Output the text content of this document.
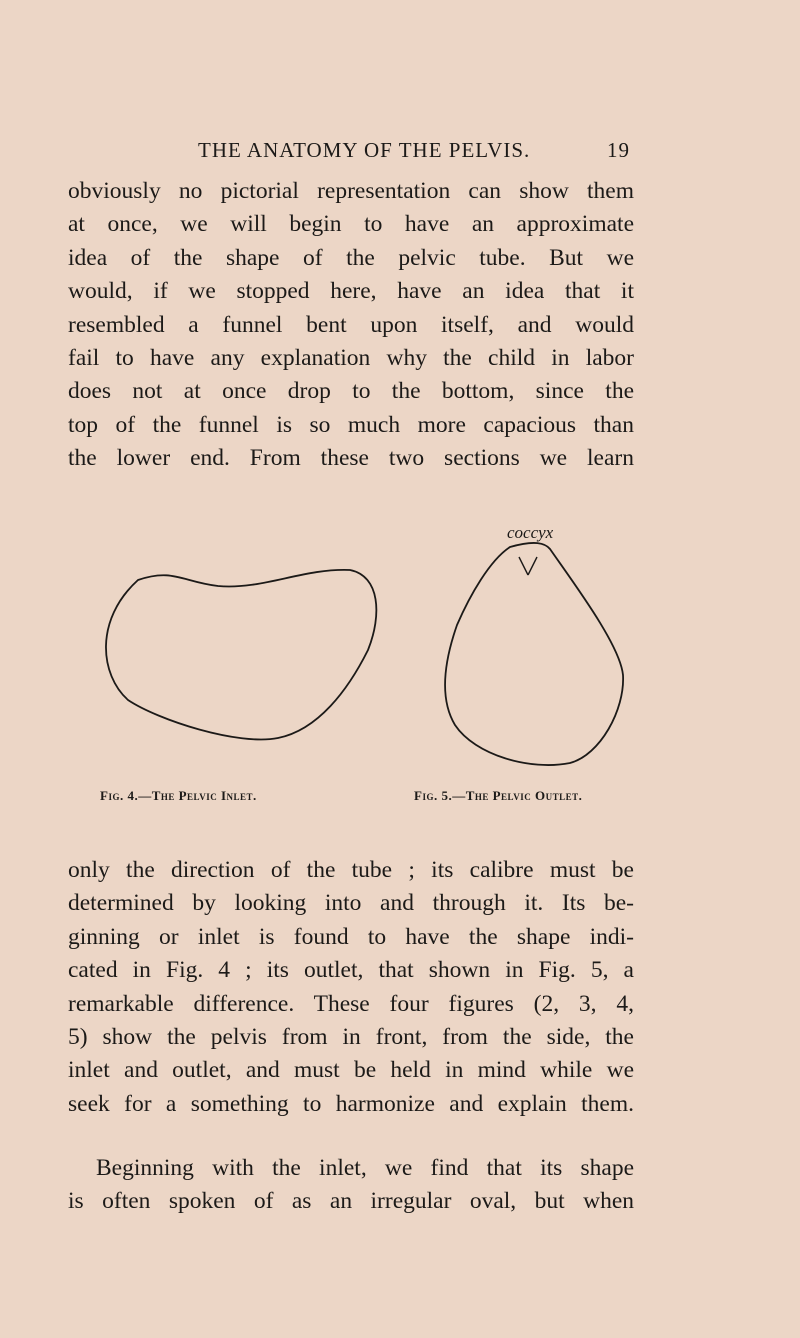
THE ANATOMY OF THE PELVIS.	19
obviously no pictorial representation can show them
at once, we will begin to have an approximate
idea of the shape of the pelvic tube. But we
would, if we stopped here, have an idea that it
resembled a funnel bent upon itself, and would
fail to have any explanation why the child in labor
does not at once drop to the bottom, since the
top of the funnel is so much more capacious than
the lower end. From these two sections we learn
coccyx
Fig. 4.—The Pelvic Inlet.	Fig. 5.—The Pelvic Outlet.
only the direction of the tube ; its calibre must be
determined by looking into and through it. Its be-
ginning or inlet is found to have the shape indi-
cated in Fig. 4 ; its outlet, that shown in Fig. 5, a
remarkable difference. These four figures (2, 3, 4,
5) show the pelvis from in front, from the side, the
inlet and outlet, and must be held in mind while we
seek for a something to harmonize and explain them.
Beginning with the inlet, we find that its shape
is often spoken of as an irregular oval, but when
